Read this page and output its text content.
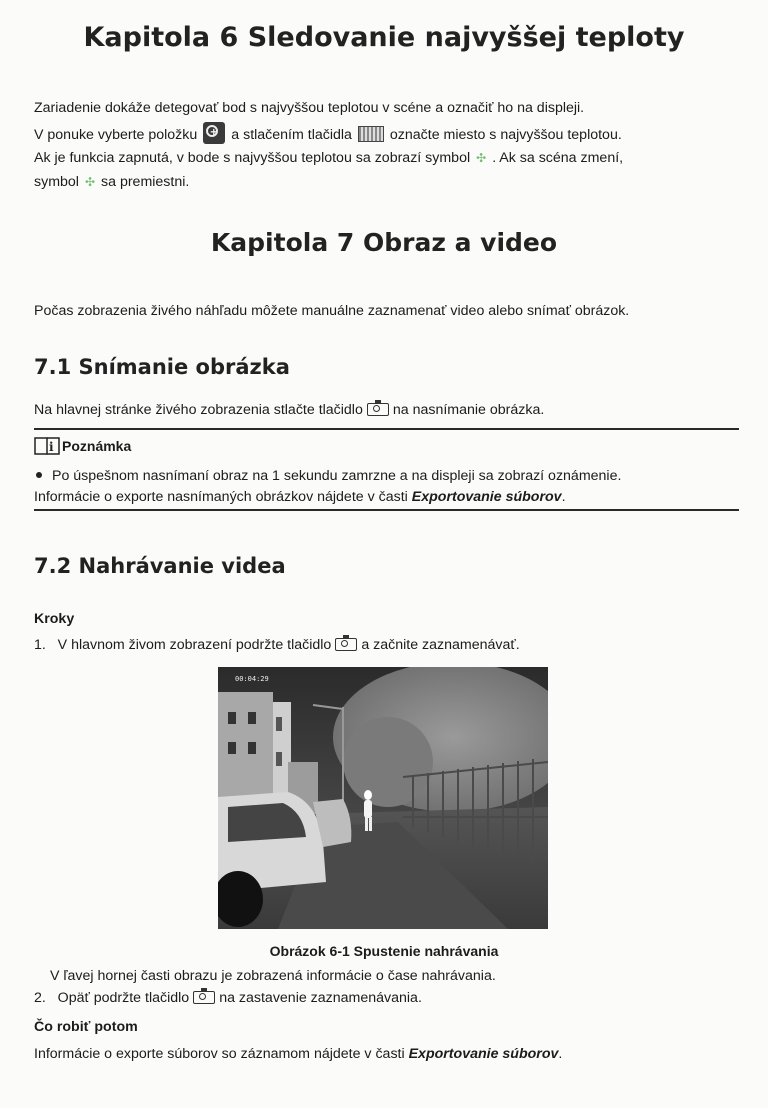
Kapitola 6 Sledovanie najvyššej teploty

Zariadenie dokáže detegovať bod s najvyššou teplotou v scéne a označiť ho na displeji.

V ponuke vyberte položku+ a stlačením tlačidla	označte miesto s najvyššou teplotou.

Ak je funkcia zapnutá, v bode s najvyššou teplotou sa zobrazí symbol ✣ . Ak sa scéna zmení,

symbol ✣ sa premiestni.

Kapitola 7 Obraz a video

Počas zobrazenia živého náhľadu môžete manuálne zaznamenať video alebo snímať obrázok.

7.1 Snímanie obrázka

Na hlavnej stránke živého zobrazenia stlačte tlačidlo na nasnímanie obrázka.

i Poznámka

Po úspešnom nasnímaní obraz na 1 sekundu zamrzne a na displeji sa zobrazí oznámenie.

Informácie o exporte nasnímaných obrázkov nájdete v časti Exportovanie súborov.

7.2 Nahrávanie videa

Kroky

1. V hlavnom živom zobrazení podržte tlačidlo a začnite zaznamenávať.

00:04:29

Obrázok 6-1 Spustenie nahrávania

V ľavej hornej časti obrazu je zobrazená informácie o čase nahrávania.

2. Opäť podržte tlačidlo na zastavenie zaznamenávania.

Čo robiť potom

Informácie o exporte súborov so záznamom nájdete v časti Exportovanie súborov.
